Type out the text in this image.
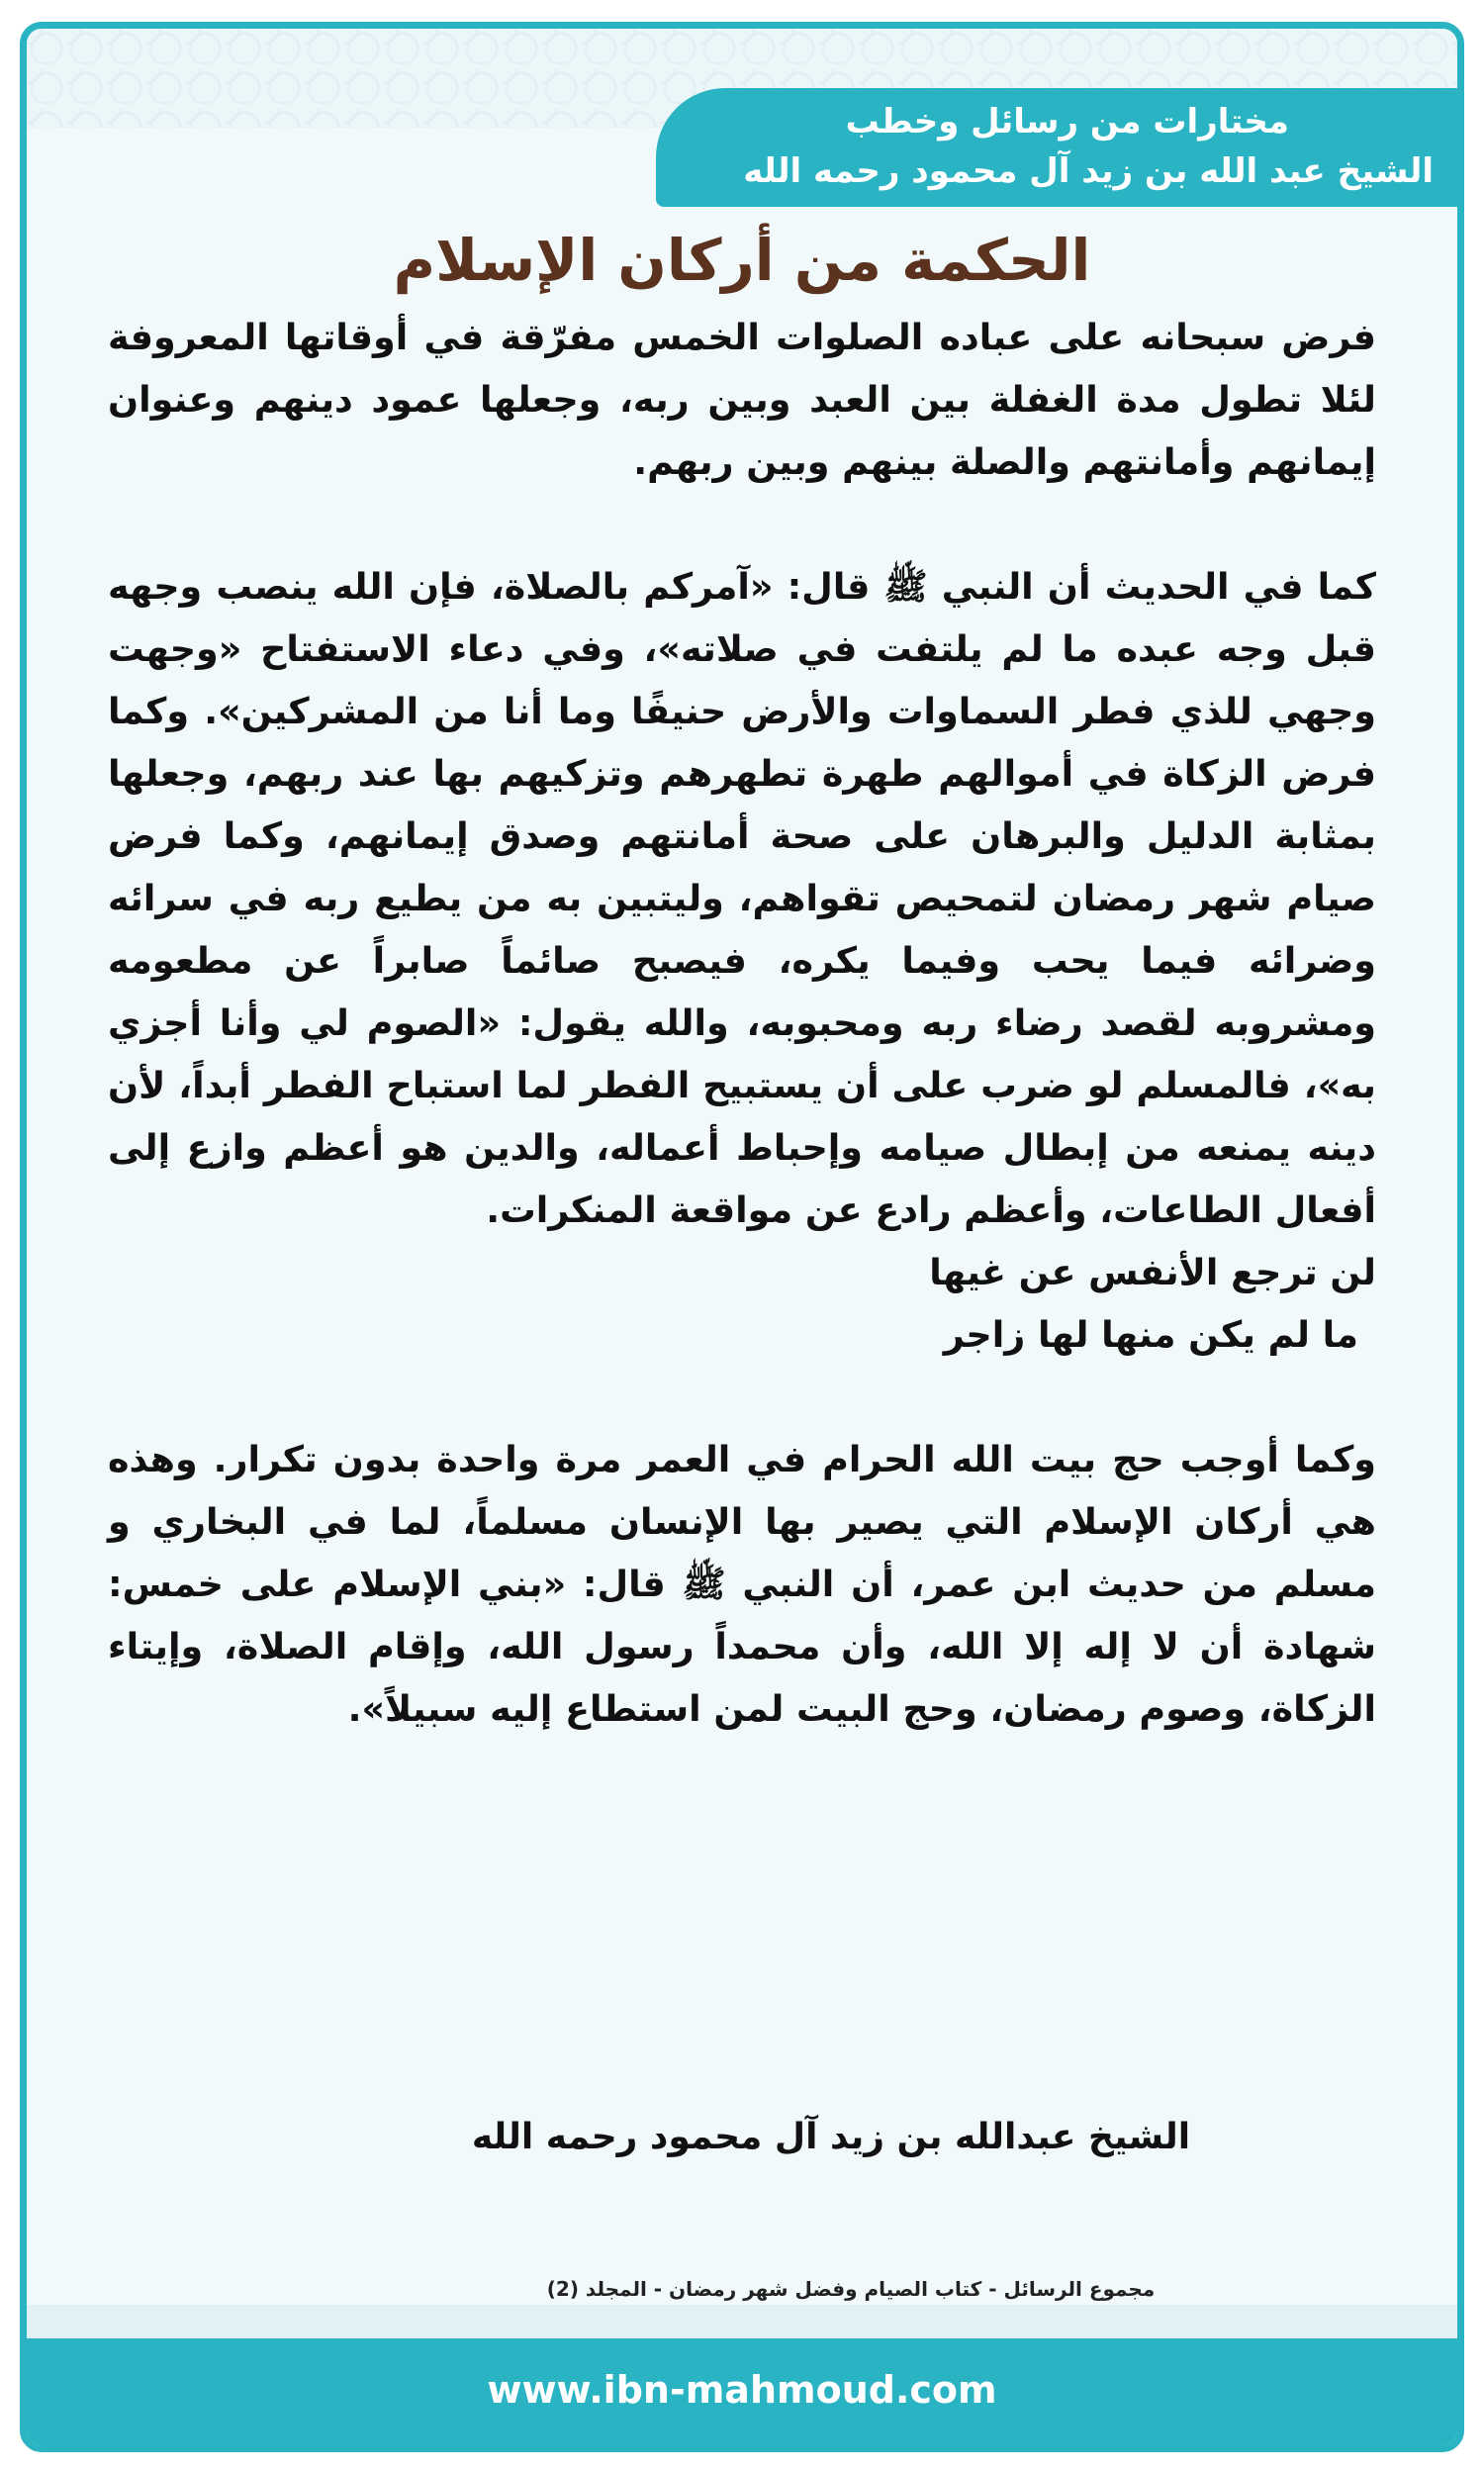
مختارات من رسائل وخطب
الشيخ عبد الله بن زيد آل محمود رحمه الله
الحكمة من أركان الإسلام

فرض سبحانه على عباده الصلوات الخمس مفرّقة في أوقاتها المعروفة لئلا تطول مدة الغفلة بين العبد وبين ربه، وجعلها عمود دينهم وعنوان إيمانهم وأمانتهم والصلة بينهم وبين ربهم.

كما في الحديث أن النبي ﷺ قال: «آمركم بالصلاة، فإن الله ينصب وجهه قبل وجه عبده ما لم يلتفت في صلاته»، وفي دعاء الاستفتاح «وجهت وجهي للذي فطر السماوات والأرض حنيفًا وما أنا من المشركين». وكما فرض الزكاة في أموالهم طهرة تطهرهم وتزكيهم بها عند ربهم، وجعلها بمثابة الدليل والبرهان على صحة أمانتهم وصدق إيمانهم، وكما فرض صيام شهر رمضان لتمحيص تقواهم، وليتبين به من يطيع ربه في سرائه وضرائه فيما يحب وفيما يكره، فيصبح صائماً صابراً عن مطعومه ومشروبه لقصد رضاء ربه ومحبوبه، والله يقول: «الصوم لي وأنا أجزي به»، فالمسلم لو ضرب على أن يستبيح الفطر لما استباح الفطر أبداً، لأن دينه يمنعه من إبطال صيامه وإحباط أعماله، والدين هو أعظم وازع إلى أفعال الطاعات، وأعظم رادع عن مواقعة المنكرات.

لن ترجع الأنفس عن غيها

ما لم يكن منها لها زاجر

وكما أوجب حج بيت الله الحرام في العمر مرة واحدة بدون تكرار. وهذه هي أركان الإسلام التي يصير بها الإنسان مسلماً، لما في البخاري و مسلم من حديث ابن عمر، أن النبي ﷺ قال: «بني الإسلام على خمس: شهادة أن لا إله إلا الله، وأن محمداً رسول الله، وإقام الصلاة، وإيتاء الزكاة، وصوم رمضان، وحج البيت لمن استطاع إليه سبيلاً».

الشيخ عبدالله بن زيد آل محمود رحمه الله
مجموع الرسائل - كتاب الصيام وفضل شهر رمضان - المجلد (2)
www.ibn-mahmoud.com
